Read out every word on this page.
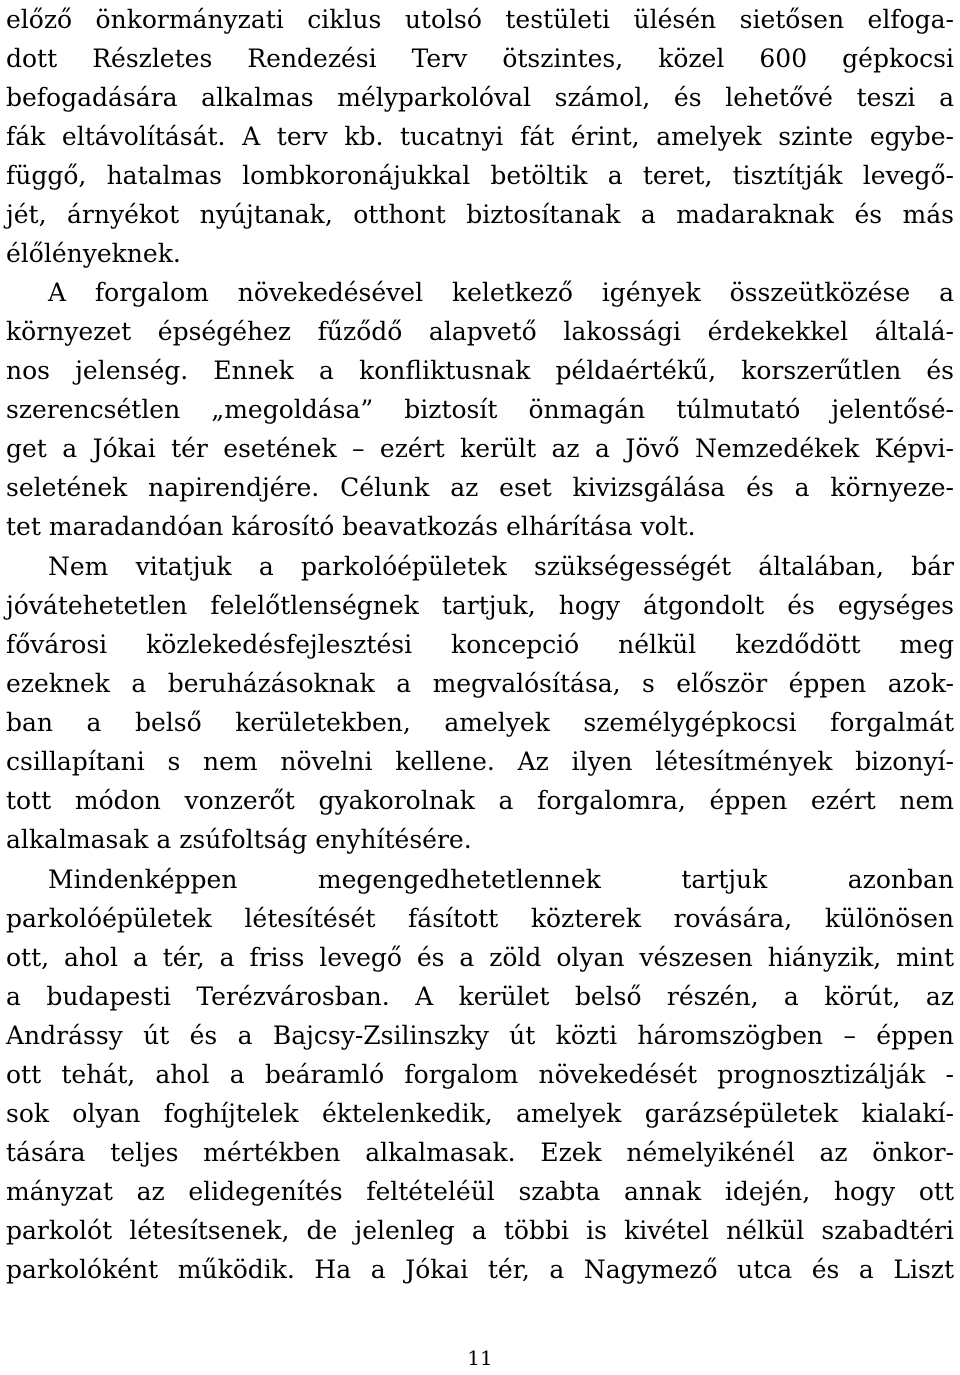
előző önkormányzati ciklus utolsó testületi ülésén sietősen elfoga-
dott Részletes Rendezési Terv ötszintes, közel 600 gépkocsi
befogadására alkalmas mélyparkolóval számol, és lehetővé teszi a
fák eltávolítását. A terv kb. tucatnyi fát érint, amelyek szinte egybe-
függő, hatalmas lombkoronájukkal betöltik a teret, tisztítják levegő-
jét, árnyékot nyújtanak, otthont biztosítanak a madaraknak és más
élőlényeknek.
A forgalom növekedésével keletkező igények összeütközése a
környezet épségéhez fűződő alapvető lakossági érdekekkel általá-
nos jelenség. Ennek a konfliktusnak példaértékű, korszerűtlen és
szerencsétlen „megoldása” biztosít önmagán túlmutató jelentősé-
get a Jókai tér esetének – ezért került az a Jövő Nemzedékek Képvi-
seletének napirendjére. Célunk az eset kivizsgálása és a környeze-
tet maradandóan károsító beavatkozás elhárítása volt.
Nem vitatjuk a parkolóépületek szükségességét általában, bár
jóvátehetetlen felelőtlenségnek tartjuk, hogy átgondolt és egységes
fővárosi közlekedésfejlesztési koncepció nélkül kezdődött meg
ezeknek a beruházásoknak a megvalósítása, s először éppen azok-
ban a belső kerületekben, amelyek személygépkocsi forgalmát
csillapítani s nem növelni kellene. Az ilyen létesítmények bizonyí-
tott módon vonzerőt gyakorolnak a forgalomra, éppen ezért nem
alkalmasak a zsúfoltság enyhítésére.
Mindenképpen megengedhetetlennek tartjuk azonban
parkolóépületek létesítését fásított közterek rovására, különösen
ott, ahol a tér, a friss levegő és a zöld olyan vészesen hiányzik, mint
a budapesti Terézvárosban. A kerület belső részén, a körút, az
Andrássy út és a Bajcsy-Zsilinszky út közti háromszögben – éppen
ott tehát, ahol a beáramló forgalom növekedését prognosztizálják -
sok olyan foghíjtelek éktelenkedik, amelyek garázsépületek kialakí-
tására teljes mértékben alkalmasak. Ezek némelyikénél az önkor-
mányzat az elidegenítés feltételéül szabta annak idején, hogy ott
parkolót létesítsenek, de jelenleg a többi is kivétel nélkül szabadtéri
parkolóként működik. Ha a Jókai tér, a Nagymező utca és a Liszt
11
